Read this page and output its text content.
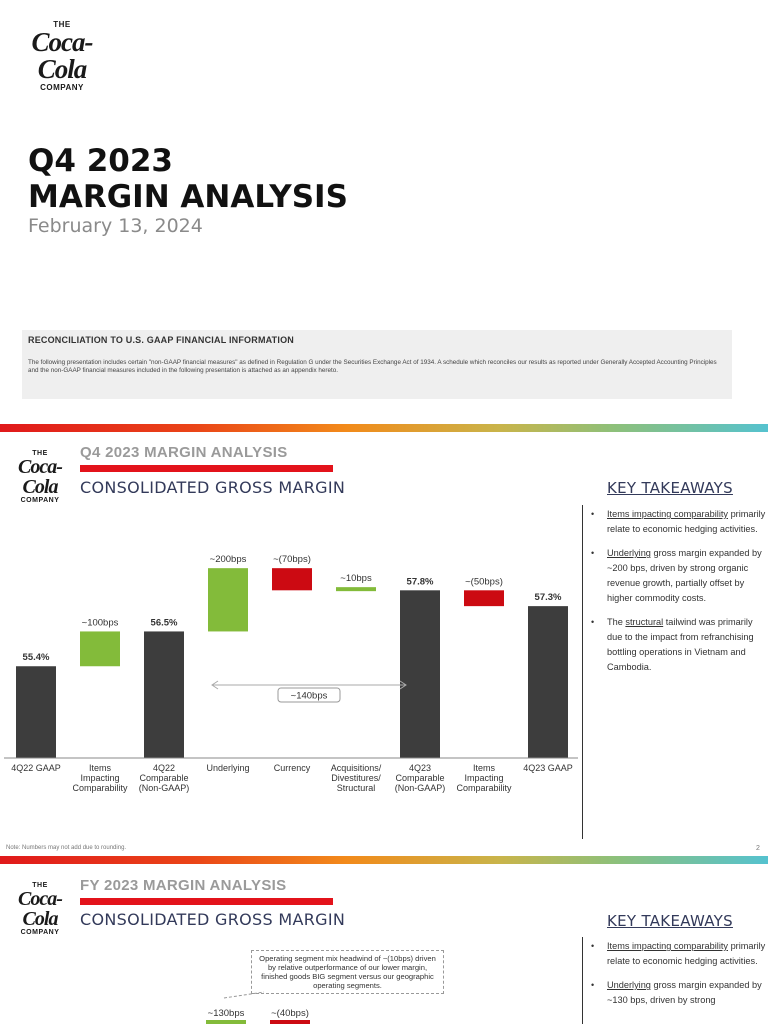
THE
Coca-Cola
COMPANY
Q4 2023
MARGIN ANALYSIS
February 13, 2024
RECONCILIATION TO U.S. GAAP FINANCIAL INFORMATION
The following presentation includes certain "non-GAAP financial measures" as defined in Regulation G under the Securities Exchange Act of 1934. A schedule which reconciles our results as reported under Generally Accepted Accounting Principles and the non-GAAP financial measures included in the following presentation is attached as an appendix hereto.
THE
Coca-Cola
COMPANY
Q4 2023 MARGIN ANALYSIS
CONSOLIDATED GROSS MARGIN	KEY TAKEAWAYS
• Items impacting comparability primarily relate to economic hedging activities.
• Underlying gross margin expanded by ~200 bps, driven by strong organic revenue growth, partially offset by higher commodity costs.
• The structural tailwind was primarily due to the impact from refranchising bottling operations in Vietnam and Cambodia.
55.4%
~100bps	56.5%
~200bps	~(70bps)
~10bps	57.8%	~(50bps)
57.3%
4Q22 GAAP	Items
Impacting
Comparability
4Q22
Comparable
(Non-GAAP)
Underlying	Currency Acquisitions/
Divestitures/
Structural
4Q23
Comparable
(Non-GAAP)
Items
Impacting
Comparability
4Q23 GAAP
~140bps
Note: Numbers may not add due to rounding.	2
THE
Coca-Cola
COMPANY
FY 2023 MARGIN ANALYSIS
CONSOLIDATED GROSS MARGIN	KEY TAKEAWAYS
• Items impacting comparability primarily relate to economic hedging activities.
• Underlying gross margin expanded by ~130 bps, driven by strong
Operating segment mix headwind of ~(10bps) driven by relative outperformance of our lower margin, finished goods BIG segment versus our geographic operating segments.
~130bps	~(40bps)
